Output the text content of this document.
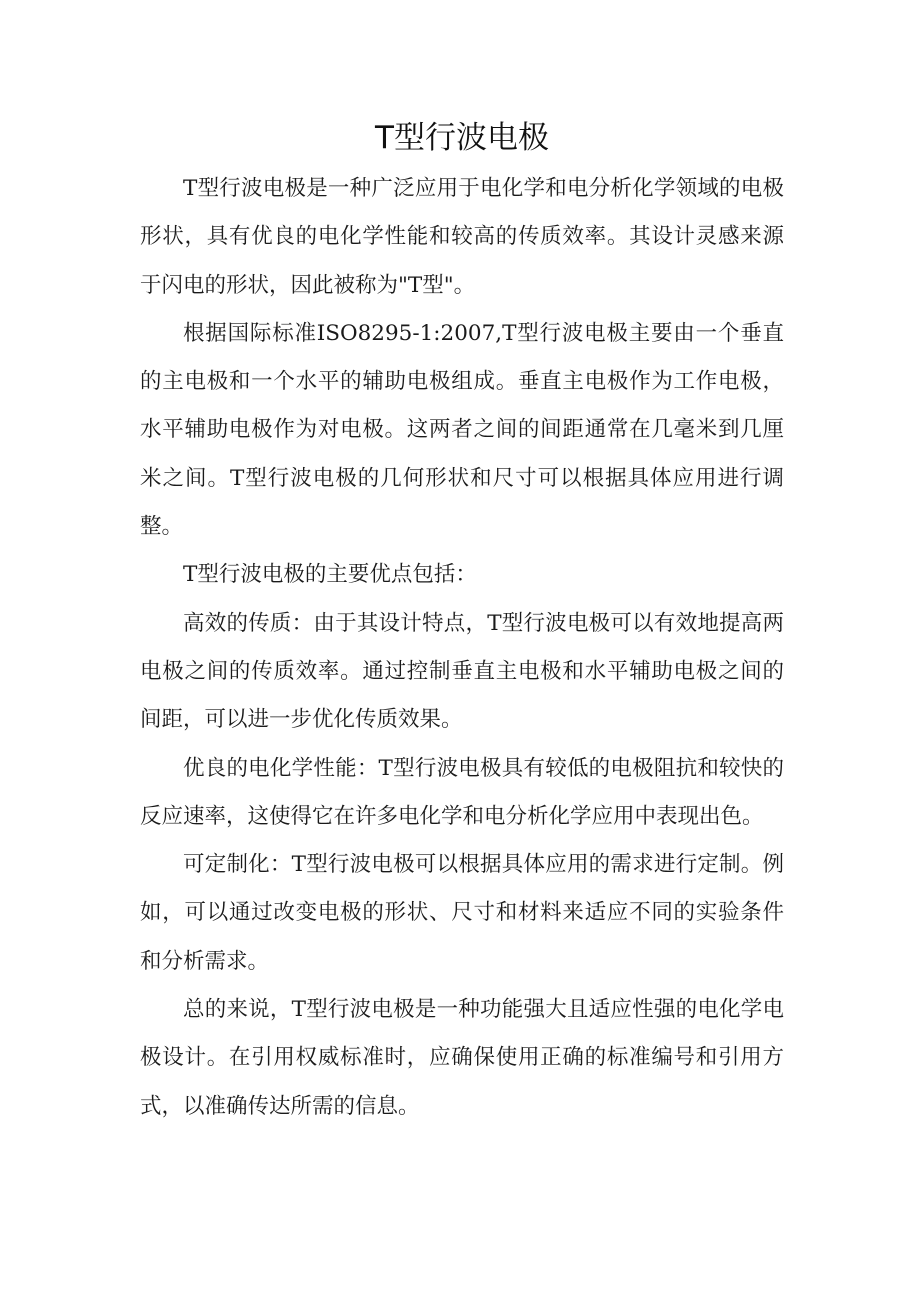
T型行波电极

T型行波电极是一种广泛应用于电化学和电分析化学领域的电极形状，具有优良的电化学性能和较高的传质效率。其设计灵感来源于闪电的形状，因此被称为"T型"。

根据国际标准ISO8295-1:2007,T型行波电极主要由一个垂直的主电极和一个水平的辅助电极组成。垂直主电极作为工作电极，水平辅助电极作为对电极。这两者之间的间距通常在几毫米到几厘米之间。T型行波电极的几何形状和尺寸可以根据具体应用进行调整。

T型行波电极的主要优点包括：

高效的传质：由于其设计特点，T型行波电极可以有效地提高两电极之间的传质效率。通过控制垂直主电极和水平辅助电极之间的间距，可以进一步优化传质效果。

优良的电化学性能：T型行波电极具有较低的电极阻抗和较快的反应速率，这使得它在许多电化学和电分析化学应用中表现出色。

可定制化：T型行波电极可以根据具体应用的需求进行定制。例如，可以通过改变电极的形状、尺寸和材料来适应不同的实验条件和分析需求。

总的来说，T型行波电极是一种功能强大且适应性强的电化学电极设计。在引用权威标准时，应确保使用正确的标准编号和引用方式，以准确传达所需的信息。
